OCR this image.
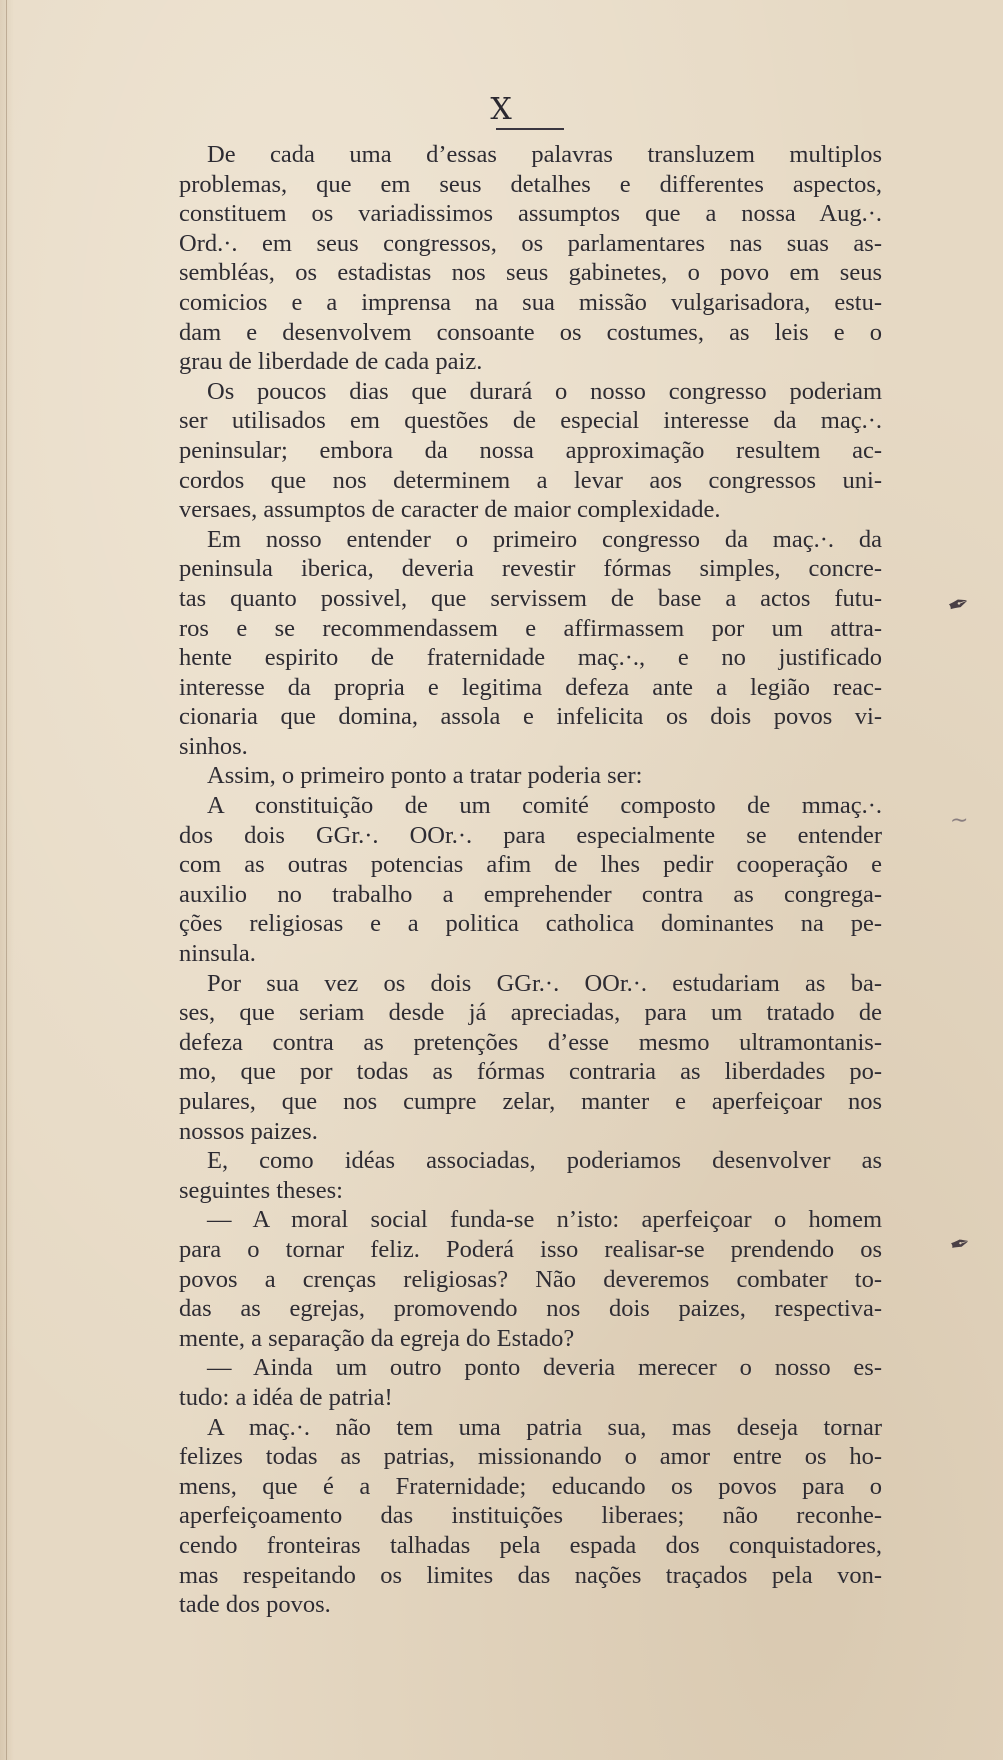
X
De cada uma d’essas palavras transluzem multiplos
problemas, que em seus detalhes e differentes aspectos,
constituem os variadissimos assumptos que a nossa Aug.·.
Ord.·. em seus congressos, os parlamentares nas suas as-
sembléas, os estadistas nos seus gabinetes, o povo em seus
comicios e a imprensa na sua missão vulgarisadora, estu-
dam e desenvolvem consoante os costumes, as leis e o
grau de liberdade de cada paiz.
Os poucos dias que durará o nosso congresso poderiam
ser utilisados em questões de especial interesse da maç.·.
peninsular; embora da nossa approximação resultem ac-
cordos que nos determinem a levar aos congressos uni-
versaes, assumptos de caracter de maior complexidade.
Em nosso entender o primeiro congresso da maç.·. da
peninsula iberica, deveria revestir fórmas simples, concre-
tas quanto possivel, que servissem de base a actos futu-
ros e se recommendassem e affirmassem por um attra-
hente espirito de fraternidade maç.·., e no justificado
interesse da propria e legitima defeza ante a legião reac-
cionaria que domina, assola e infelicita os dois povos vi-
sinhos.
Assim, o primeiro ponto a tratar poderia ser:
A constituição de um comité composto de mmaç.·.
dos dois GGr.·. OOr.·. para especialmente se entender
com as outras potencias afim de lhes pedir cooperação e
auxilio no trabalho a emprehender contra as congrega-
ções religiosas e a politica catholica dominantes na pe-
ninsula.
Por sua vez os dois GGr.·. OOr.·. estudariam as ba-
ses, que seriam desde já apreciadas, para um tratado de
defeza contra as pretenções d’esse mesmo ultramontanis-
mo, que por todas as fórmas contraria as liberdades po-
pulares, que nos cumpre zelar, manter e aperfeiçoar nos
nossos paizes.
E, como idéas associadas, poderiamos desenvolver as
seguintes theses:
— A moral social funda-se n’isto: aperfeiçoar o homem
para o tornar feliz. Poderá isso realisar-se prendendo os
povos a crenças religiosas? Não deveremos combater to-
das as egrejas, promovendo nos dois paizes, respectiva-
mente, a separação da egreja do Estado?
— Ainda um outro ponto deveria merecer o nosso es-
tudo: a idéa de patria!
A maç.·. não tem uma patria sua, mas deseja tornar
felizes todas as patrias, missionando o amor entre os ho-
mens, que é a Fraternidade; educando os povos para o
aperfeiçoamento das instituições liberaes; não reconhe-
cendo fronteiras talhadas pela espada dos conquistadores,
mas respeitando os limites das nações traçados pela von-
tade dos povos.
✒
∼
✒
